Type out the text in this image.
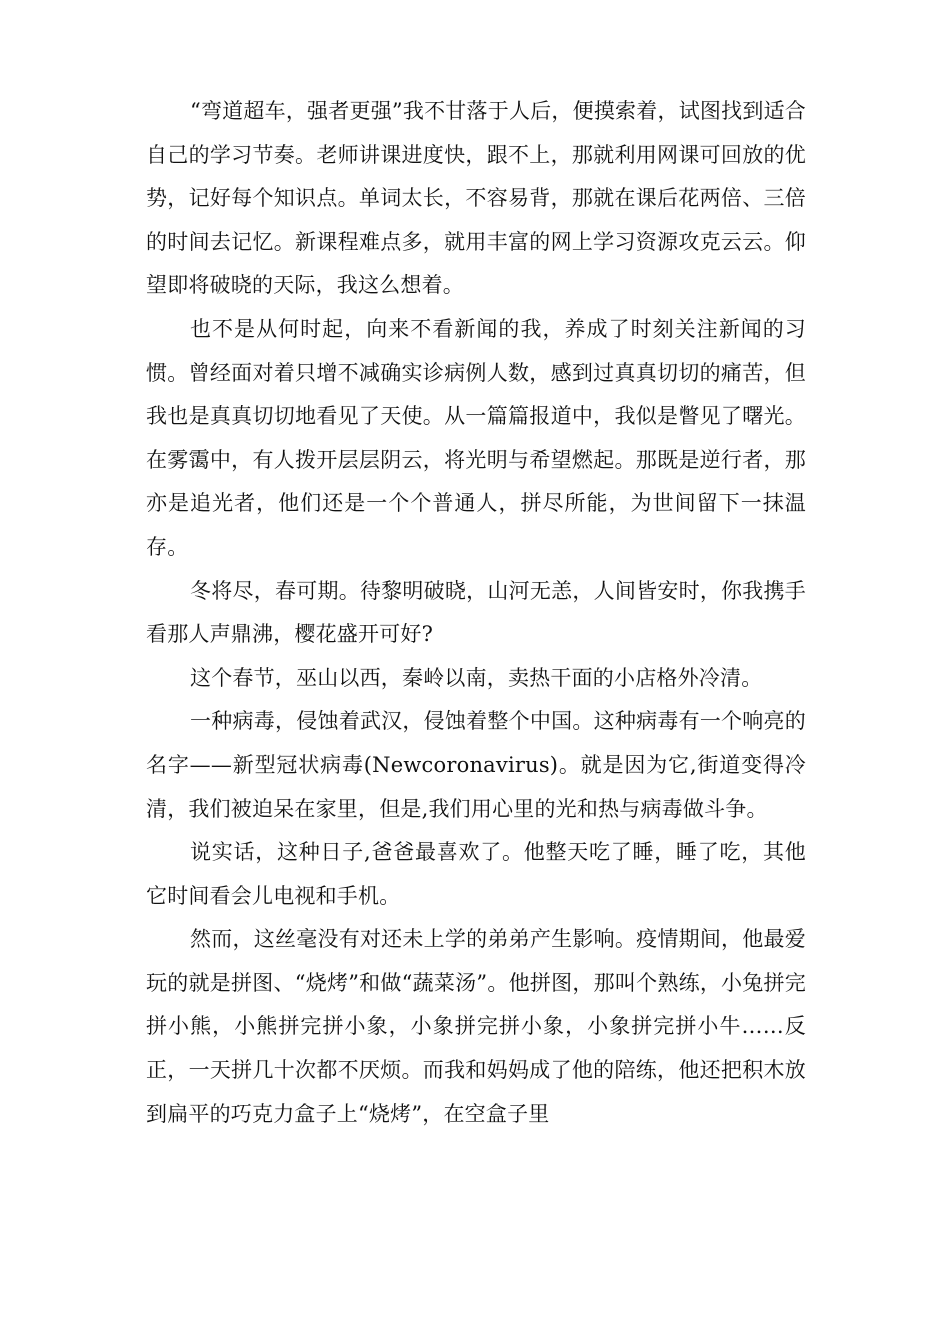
“弯道超车，强者更强”我不甘落于人后，便摸索着，试图找到适合自己的学习节奏。老师讲课进度快，跟不上，那就利用网课可回放的优势，记好每个知识点。单词太长，不容易背，那就在课后花两倍、三倍的时间去记忆。新课程难点多，就用丰富的网上学习资源攻克云云。仰望即将破晓的天际，我这么想着。

也不是从何时起，向来不看新闻的我，养成了时刻关注新闻的习惯。曾经面对着只增不减确实诊病例人数，感到过真真切切的痛苦，但我也是真真切切地看见了天使。从一篇篇报道中，我似是瞥见了曙光。在雾霭中，有人拨开层层阴云，将光明与希望燃起。那既是逆行者，那亦是追光者，他们还是一个个普通人，拼尽所能，为世间留下一抹温存。

冬将尽，春可期。待黎明破晓，山河无恙，人间皆安时，你我携手看那人声鼎沸，樱花盛开可好?

这个春节，巫山以西，秦岭以南，卖热干面的小店格外冷清。

一种病毒，侵蚀着武汉，侵蚀着整个中国。这种病毒有一个响亮的名字——新型冠状病毒(Newcoronavirus)。就是因为它,街道变得冷清，我们被迫呆在家里，但是,我们用心里的光和热与病毒做斗争。

说实话，这种日子,爸爸最喜欢了。他整天吃了睡，睡了吃，其他它时间看会儿电视和手机。

然而，这丝毫没有对还未上学的弟弟产生影响。疫情期间，他最爱玩的就是拼图、“烧烤”和做“蔬菜汤”。他拼图，那叫个熟练，小兔拼完拼小熊，小熊拼完拼小象，小象拼完拼小象，小象拼完拼小牛……反正，一天拼几十次都不厌烦。而我和妈妈成了他的陪练，他还把积木放到扁平的巧克力盒子上“烧烤”，在空盒子里
